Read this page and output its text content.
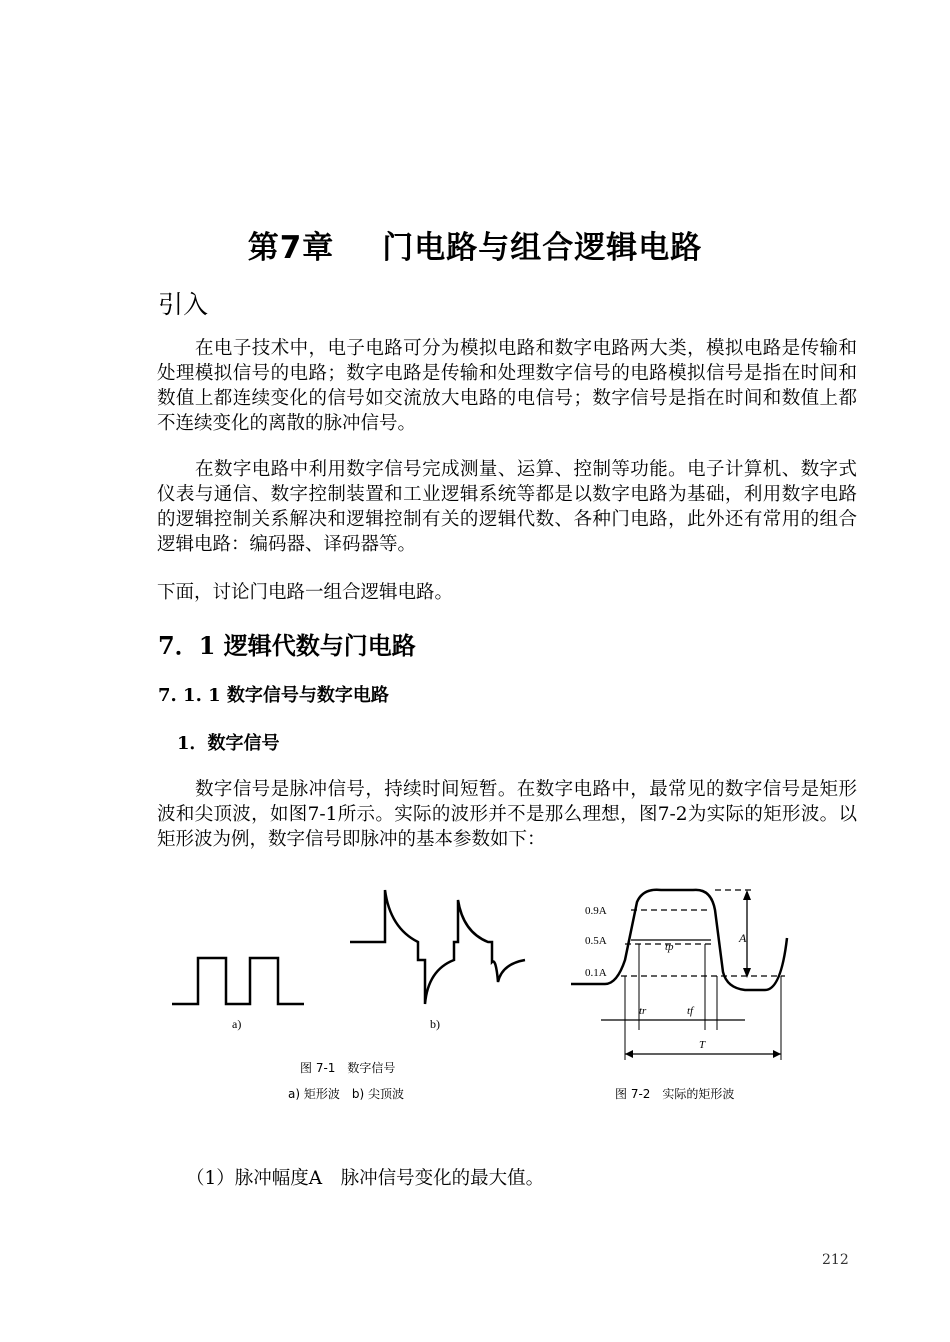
第7章 门电路与组合逻辑电路
引入
在电子技术中，电子电路可分为模拟电路和数字电路两大类，模拟电路是传输和处理模拟信号的电路；数字电路是传输和处理数字信号的电路模拟信号是指在时间和数值上都连续变化的信号如交流放大电路的电信号；数字信号是指在时间和数值上都不连续变化的离散的脉冲信号。
在数字电路中利用数字信号完成测量、运算、控制等功能。电子计算机、数字式仪表与通信、数字控制装置和工业逻辑系统等都是以数字电路为基础，利用数字电路的逻辑控制关系解决和逻辑控制有关的逻辑代数、各种门电路，此外还有常用的组合逻辑电路：编码器、译码器等。
下面，讨论门电路一组合逻辑电路。
7．1 逻辑代数与门电路
7. 1. 1 数字信号与数字电路
1．数字信号
数字信号是脉冲信号，持续时间短暂。在数字电路中，最常见的数字信号是矩形波和尖顶波，如图7-1所示。实际的波形并不是那么理想，图7-2为实际的矩形波。以矩形波为例，数字信号即脉冲的基本参数如下：
a)	b)
图 7-1　数字信号
a) 矩形波　b) 尖顶波
A
0.9A
0.5A
0.1A
tp
tr	tf
T
图 7-2　实际的矩形波
（1）脉冲幅度A　脉冲信号变化的最大值。
212
